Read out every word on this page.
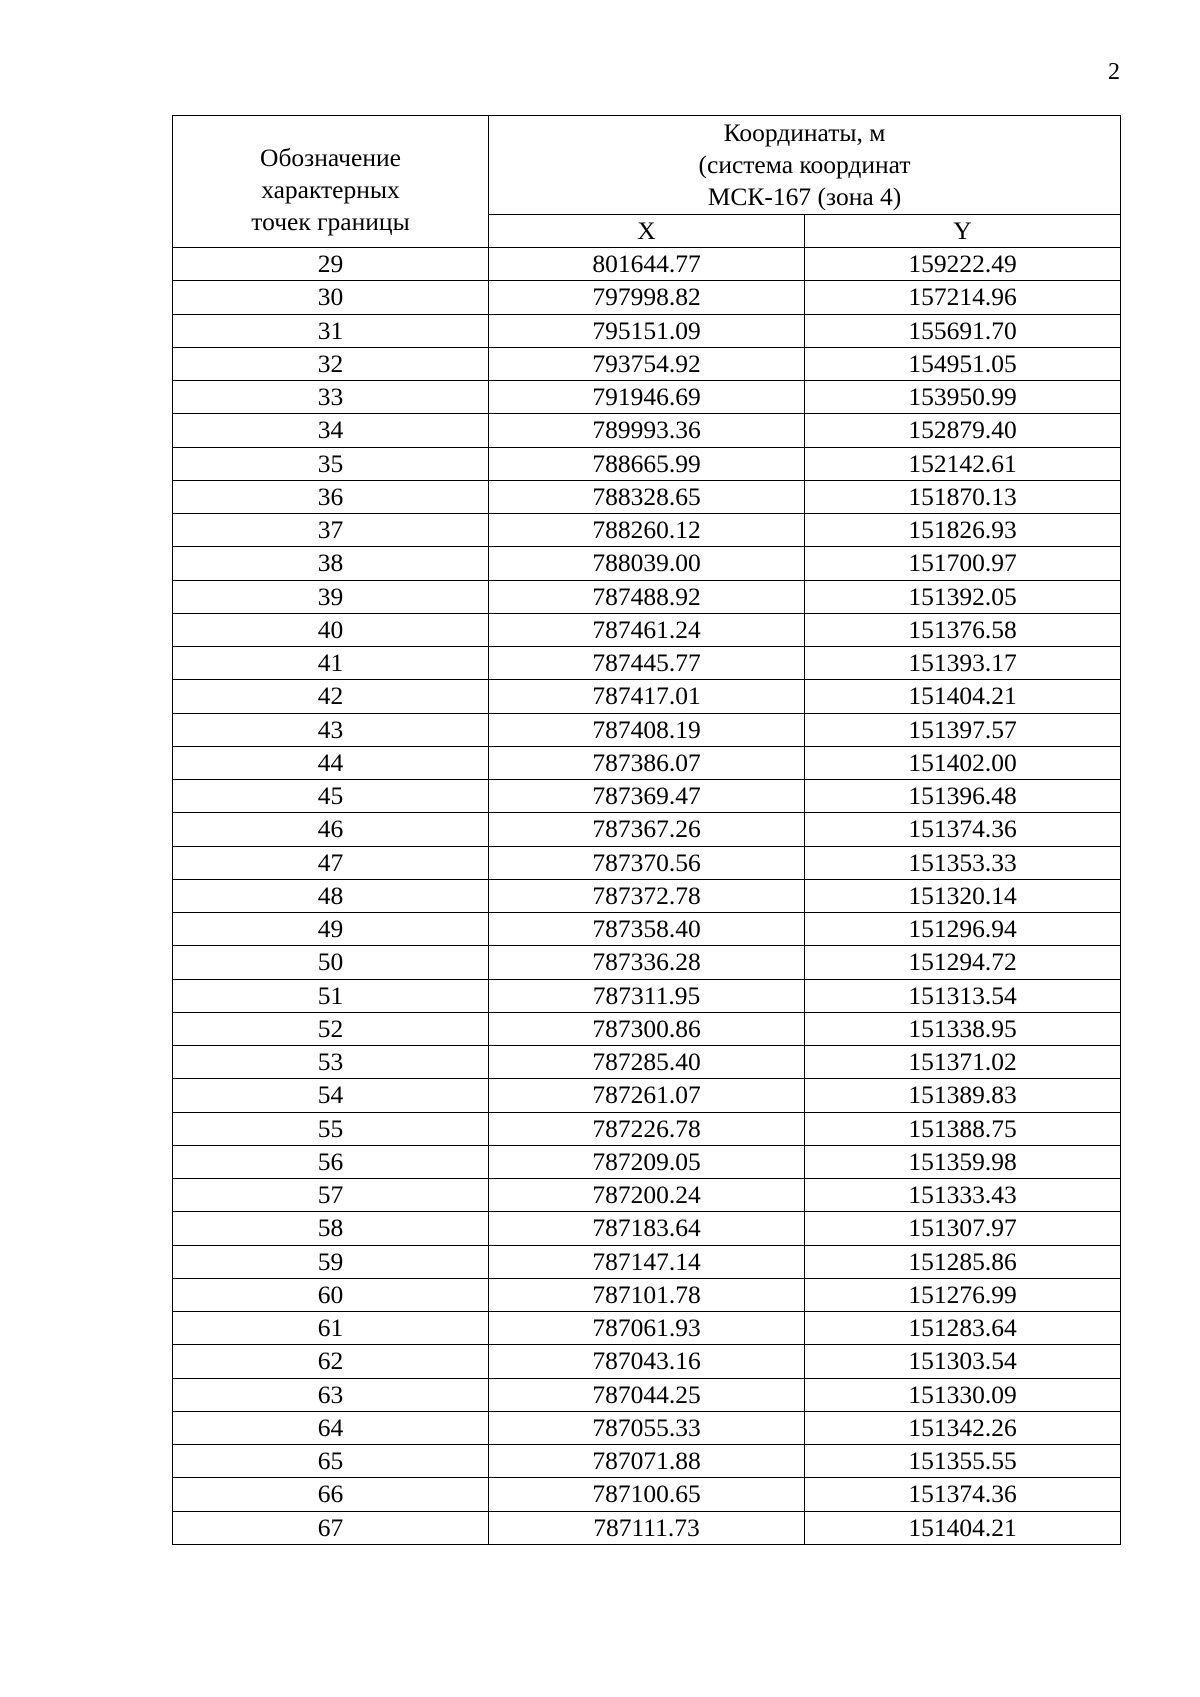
2
Обозначение
характерных
точек границы	Координаты, м
(система координат
МСК-167 (зона 4)	

	X	Y
29	801644.77	159222.49
30	797998.82	157214.96
31	795151.09	155691.70
32	793754.92	154951.05
33	791946.69	153950.99
34	789993.36	152879.40
35	788665.99	152142.61
36	788328.65	151870.13
37	788260.12	151826.93
38	788039.00	151700.97
39	787488.92	151392.05
40	787461.24	151376.58
41	787445.77	151393.17
42	787417.01	151404.21
43	787408.19	151397.57
44	787386.07	151402.00
45	787369.47	151396.48
46	787367.26	151374.36
47	787370.56	151353.33
48	787372.78	151320.14
49	787358.40	151296.94
50	787336.28	151294.72
51	787311.95	151313.54
52	787300.86	151338.95
53	787285.40	151371.02
54	787261.07	151389.83
55	787226.78	151388.75
56	787209.05	151359.98
57	787200.24	151333.43
58	787183.64	151307.97
59	787147.14	151285.86
60	787101.78	151276.99
61	787061.93	151283.64
62	787043.16	151303.54
63	787044.25	151330.09
64	787055.33	151342.26
65	787071.88	151355.55
66	787100.65	151374.36
67	787111.73	151404.21
